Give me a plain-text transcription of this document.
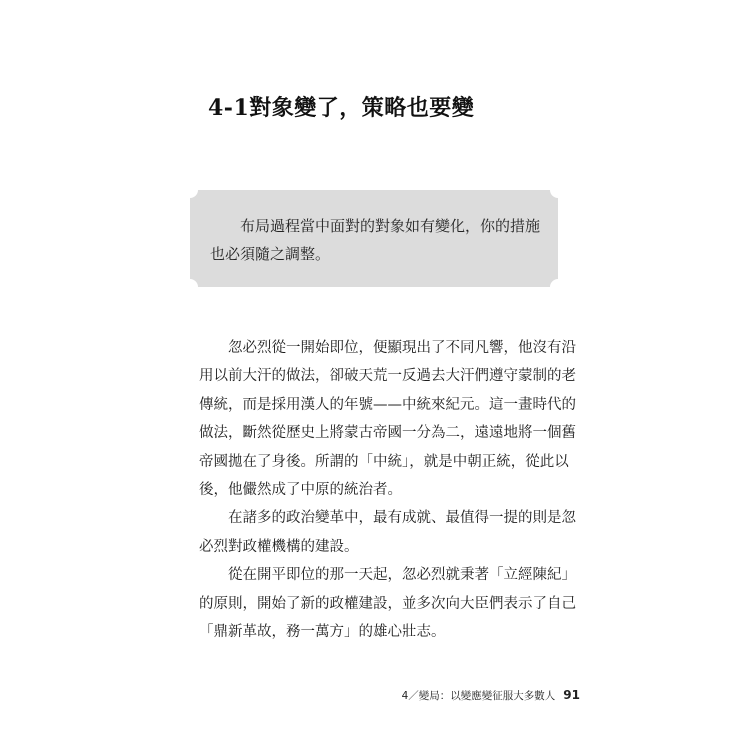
4-1對象變了，策略也要變
布局過程當中面對的對象如有變化，你的措施也必須隨之調整。

忽必烈從一開始即位，便顯現出了不同凡響，他沒有沿用以前大汗的做法，卻破天荒一反過去大汗們遵守蒙制的老傳統，而是採用漢人的年號——中統來紀元。這一畫時代的做法，斷然從歷史上將蒙古帝國一分為二，遠遠地將一個舊帝國拋在了身後。所謂的「中統」，就是中朝正統，從此以後，他儼然成了中原的統治者。

在諸多的政治變革中，最有成就、最值得一提的則是忽必烈對政權機構的建設。

從在開平即位的那一天起，忽必烈就秉著「立經陳紀」的原則，開始了新的政權建設，並多次向大臣們表示了自己「鼎新革故，務一萬方」的雄心壯志。

4／變局：以變應變征服大多數人 91
